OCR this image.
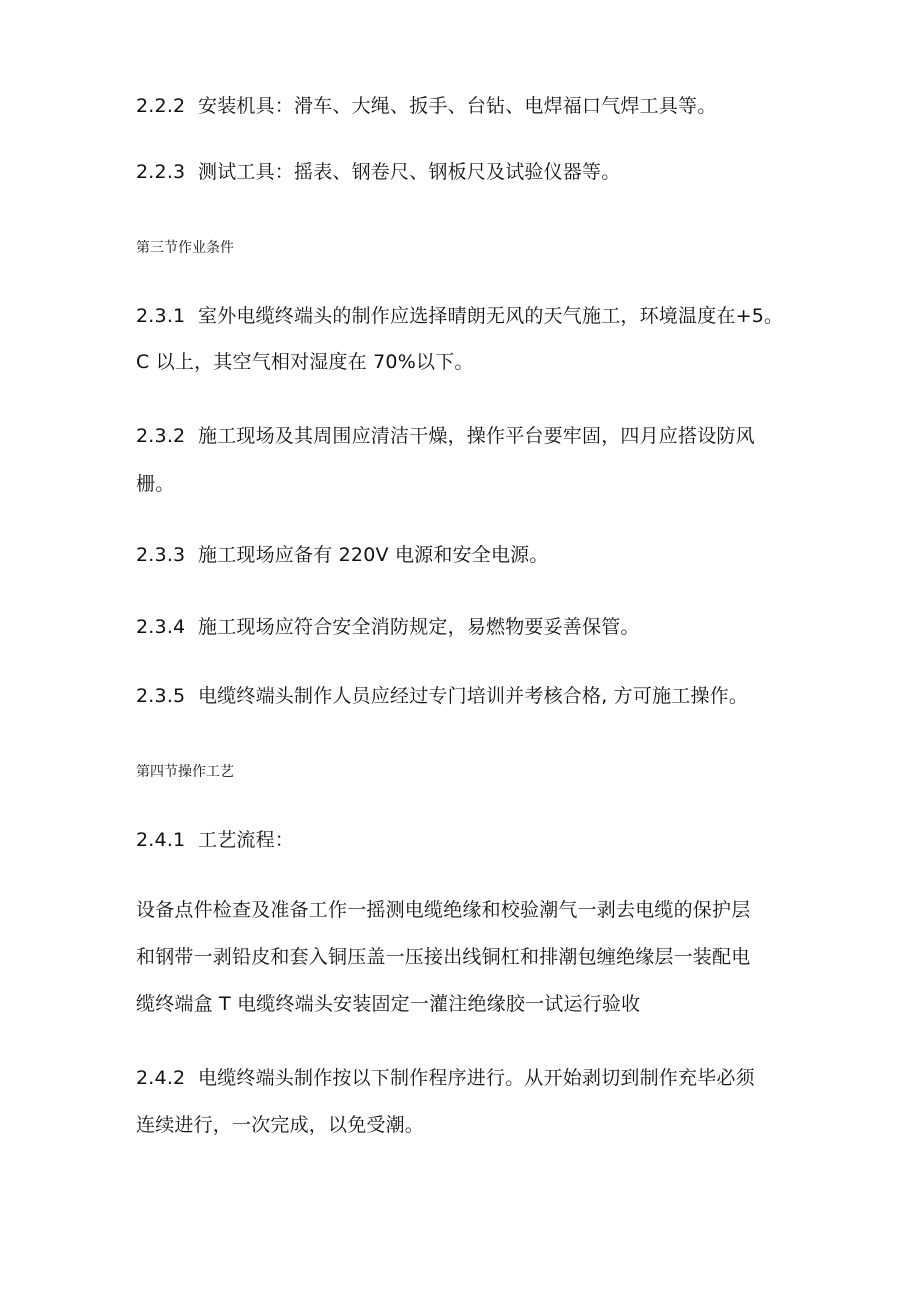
2.2.2 安装机具：滑车、大绳、扳手、台钻、电焊福口气焊工具等。
2.2.3 测试工具：摇表、钢卷尺、钢板尺及试验仪器等。
第三节作业条件
2.3.1 室外电缆终端头的制作应选择晴朗无风的天气施工，环境温度在+5。
C 以上，其空气相对湿度在 70%以下。
2.3.2 施工现场及其周围应清洁干燥，操作平台要牢固，四月应搭设防风
栅。
2.3.3 施工现场应备有 220V 电源和安全电源。
2.3.4 施工现场应符合安全消防规定，易燃物要妥善保管。
2.3.5 电缆终端头制作人员应经过专门培训并考核合格, 方可施工操作。
第四节操作工艺
2.4.1 工艺流程：
设备点件检查及准备工作一摇测电缆绝缘和校验潮气一剥去电缆的保护层
和钢带一剥铅皮和套入铜压盖一压接出线铜杠和排潮包缠绝缘层一装配电
缆终端盒 T 电缆终端头安装固定一灌注绝缘胶一试运行验收
2.4.2 电缆终端头制作按以下制作程序进行。从开始剥切到制作充毕必须
连续进行，一次完成，以免受潮。
